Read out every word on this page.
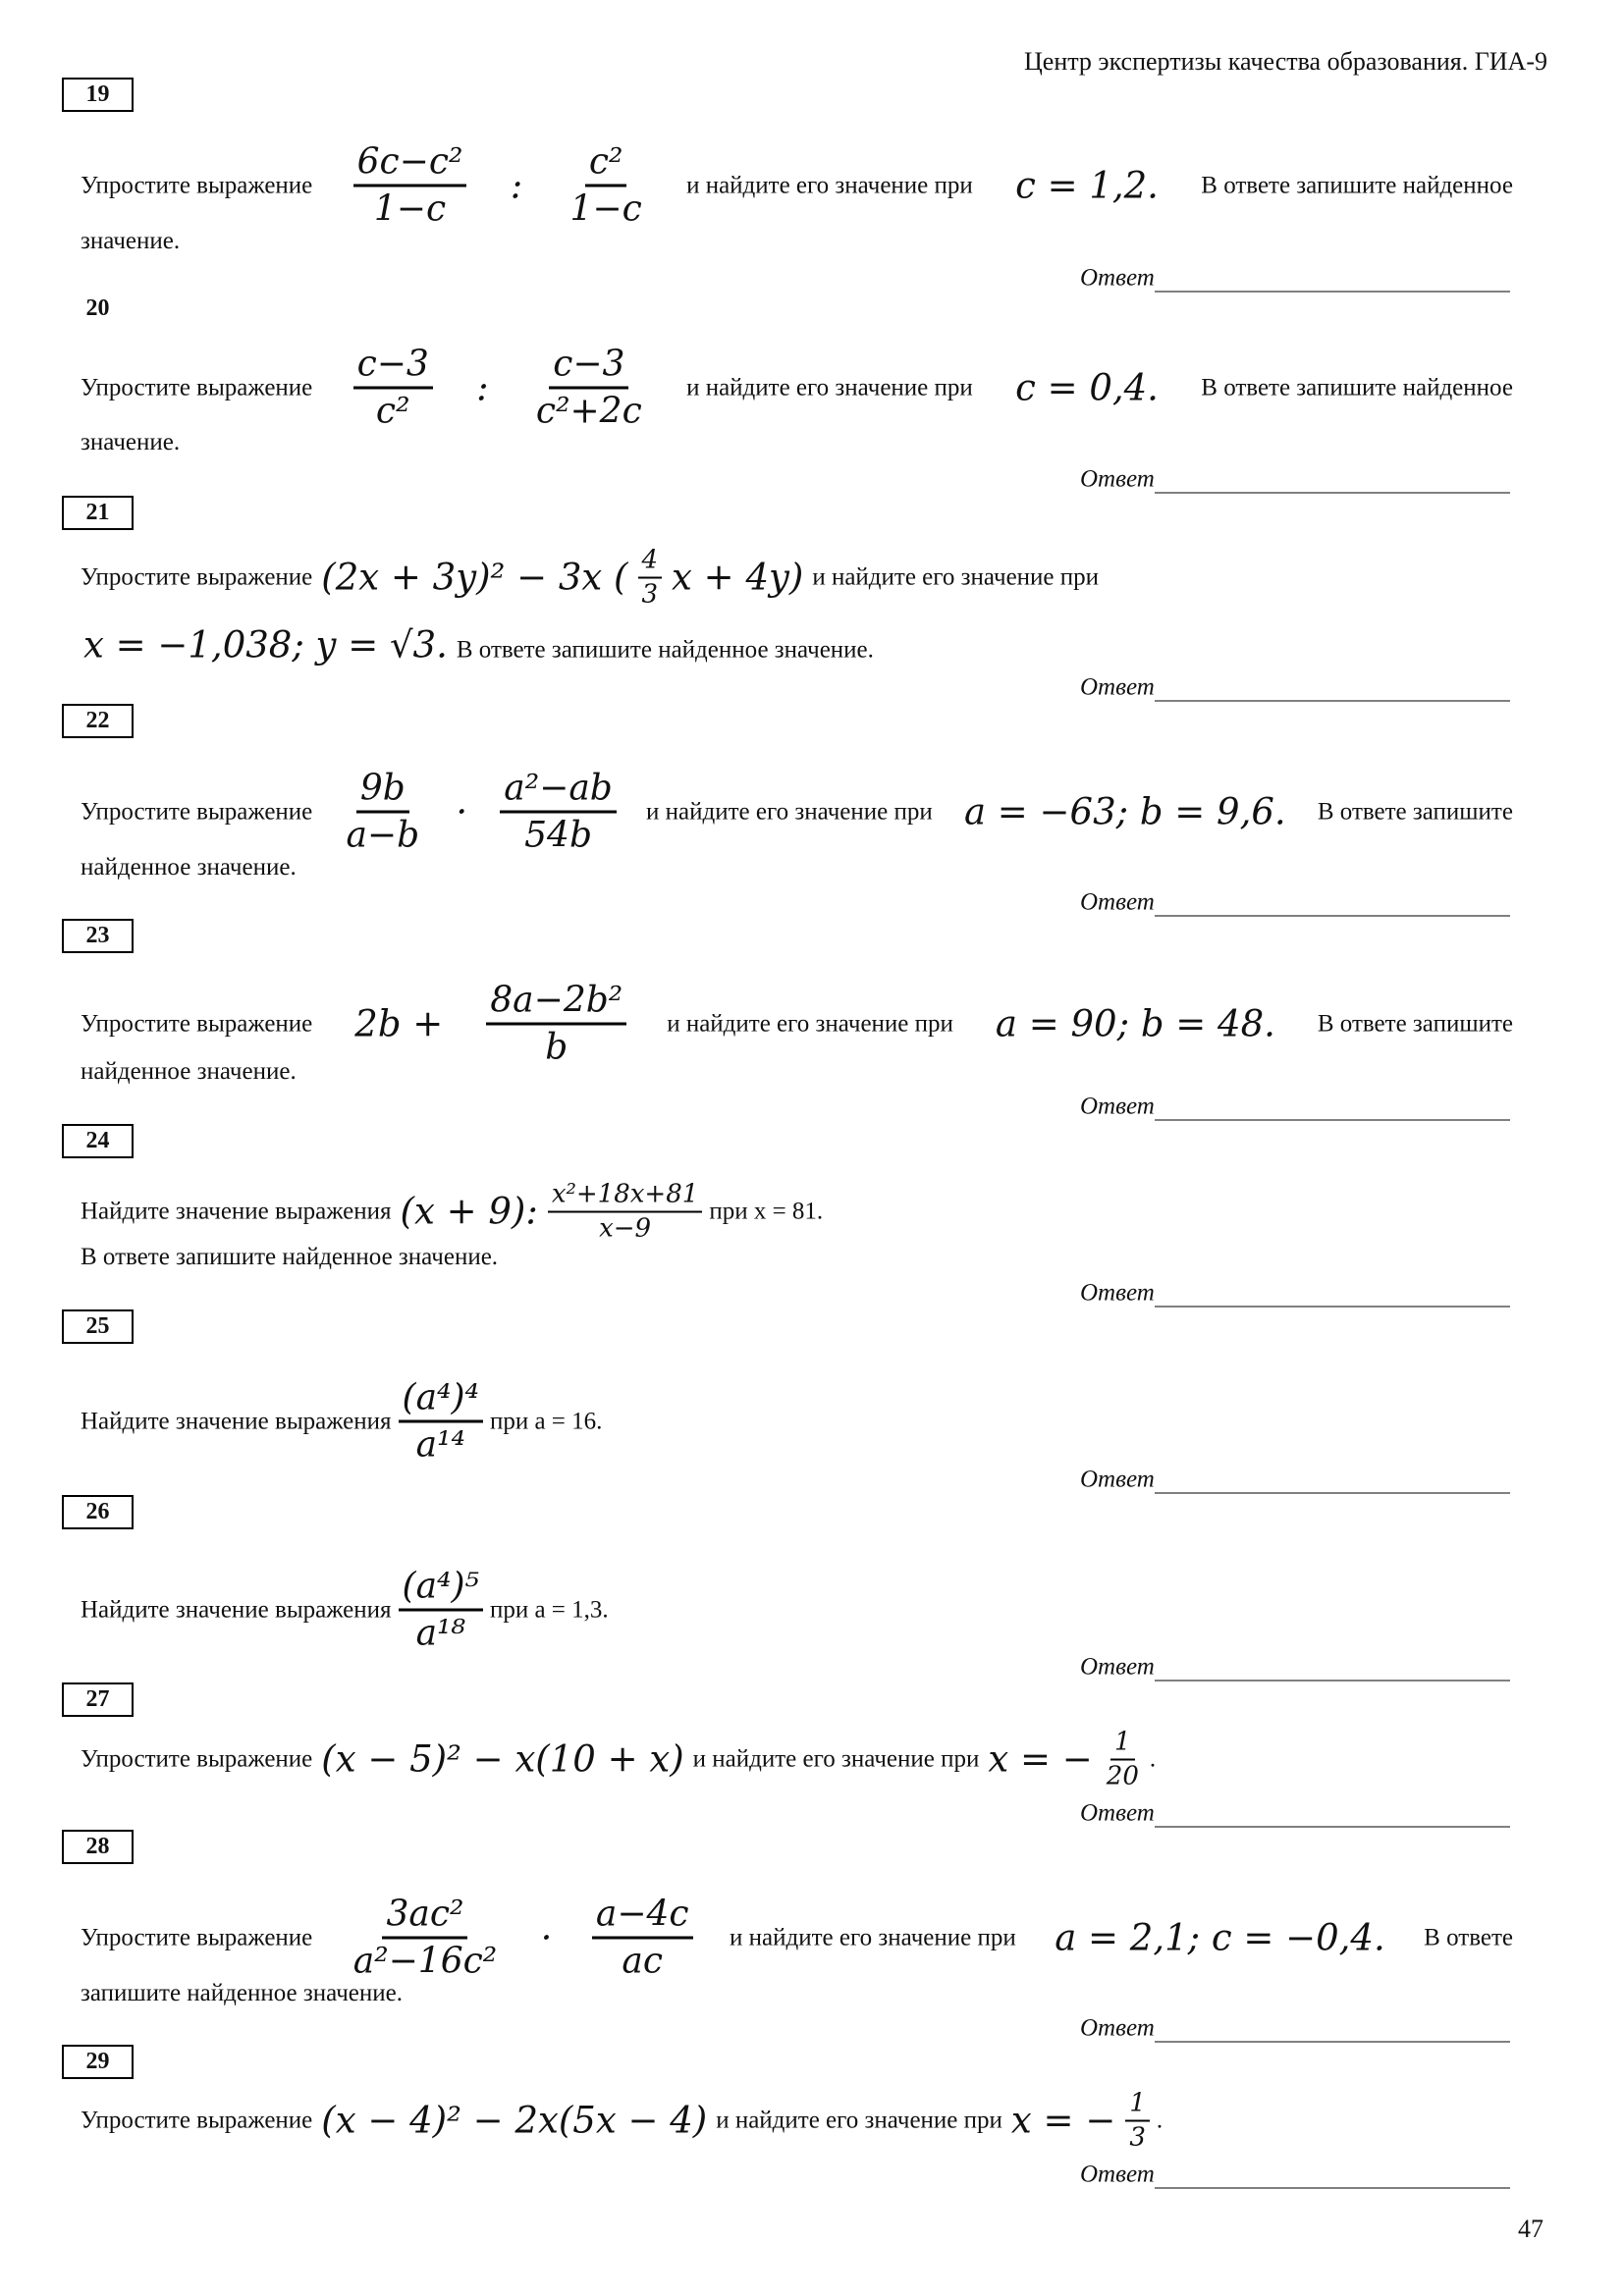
Центр экспертизы качества образования. ГИА-9
47
19
Упростите выражение $\frac{\text{6c−c²}}{1-c}$ : $\frac{\text{c²}}{1-c}$ и найдите его значение при c = 1,2. В ответе запишите найденное
значение.
Ответ
20
Упростите выражение $\frac{c-3}{\text{c²}}$ : $\frac{c-3}{\text{c²+2c}}$ и найдите его значение при c = 0,4. В ответе запишите найденное
значение.
Ответ
21
Упростите выражение (2x + 3y)² − 3x ( $\frac{4}{3}$ x + 4y) и найдите его значение при
x = −1,038; y = √3. В ответе запишите найденное значение.
Ответ
22
Упростите выражение $\frac{9b}{a-b} \cdot \frac{\text{a²−ab}}{54b}$ и найдите его значение при a = −63; b = 9,6. В ответе запишите
найденное значение.
Ответ
23
Упростите выражение $2b + \frac{\text{8a−2b²}}{b}$ и найдите его значение при a = 90; b = 48. В ответе запишите
найденное значение.
Ответ
24
Найдите значение выражения (x + 9): $\frac{\text{x²+18x+81}}{x-9}$ при x = 81.
В ответе запишите найденное значение.
Ответ
25
Найдите значение выражения $\frac{\text{(a⁴)⁴}}{\text{a¹⁴}}$ при a = 16.
Ответ
26
Найдите значение выражения $\frac{\text{(a⁴)⁵}}{\text{a¹⁸}}$ при a = 1,3.
Ответ
27
Упростите выражение (x − 5)² − x(10 + x) и найдите его значение при x = − $\frac{1}{20}$ .
Ответ
28
Упростите выражение $\frac{\text{3ac²}}{\text{a²−16c²}} \cdot \frac{a-4c}{ac}$ и найдите его значение при a = 2,1; c = −0,4. В ответе
запишите найденное значение.
Ответ
29
Упростите выражение (x − 4)² − 2x(5x − 4) и найдите его значение при x = − $\frac{1}{3}$ .
Ответ
